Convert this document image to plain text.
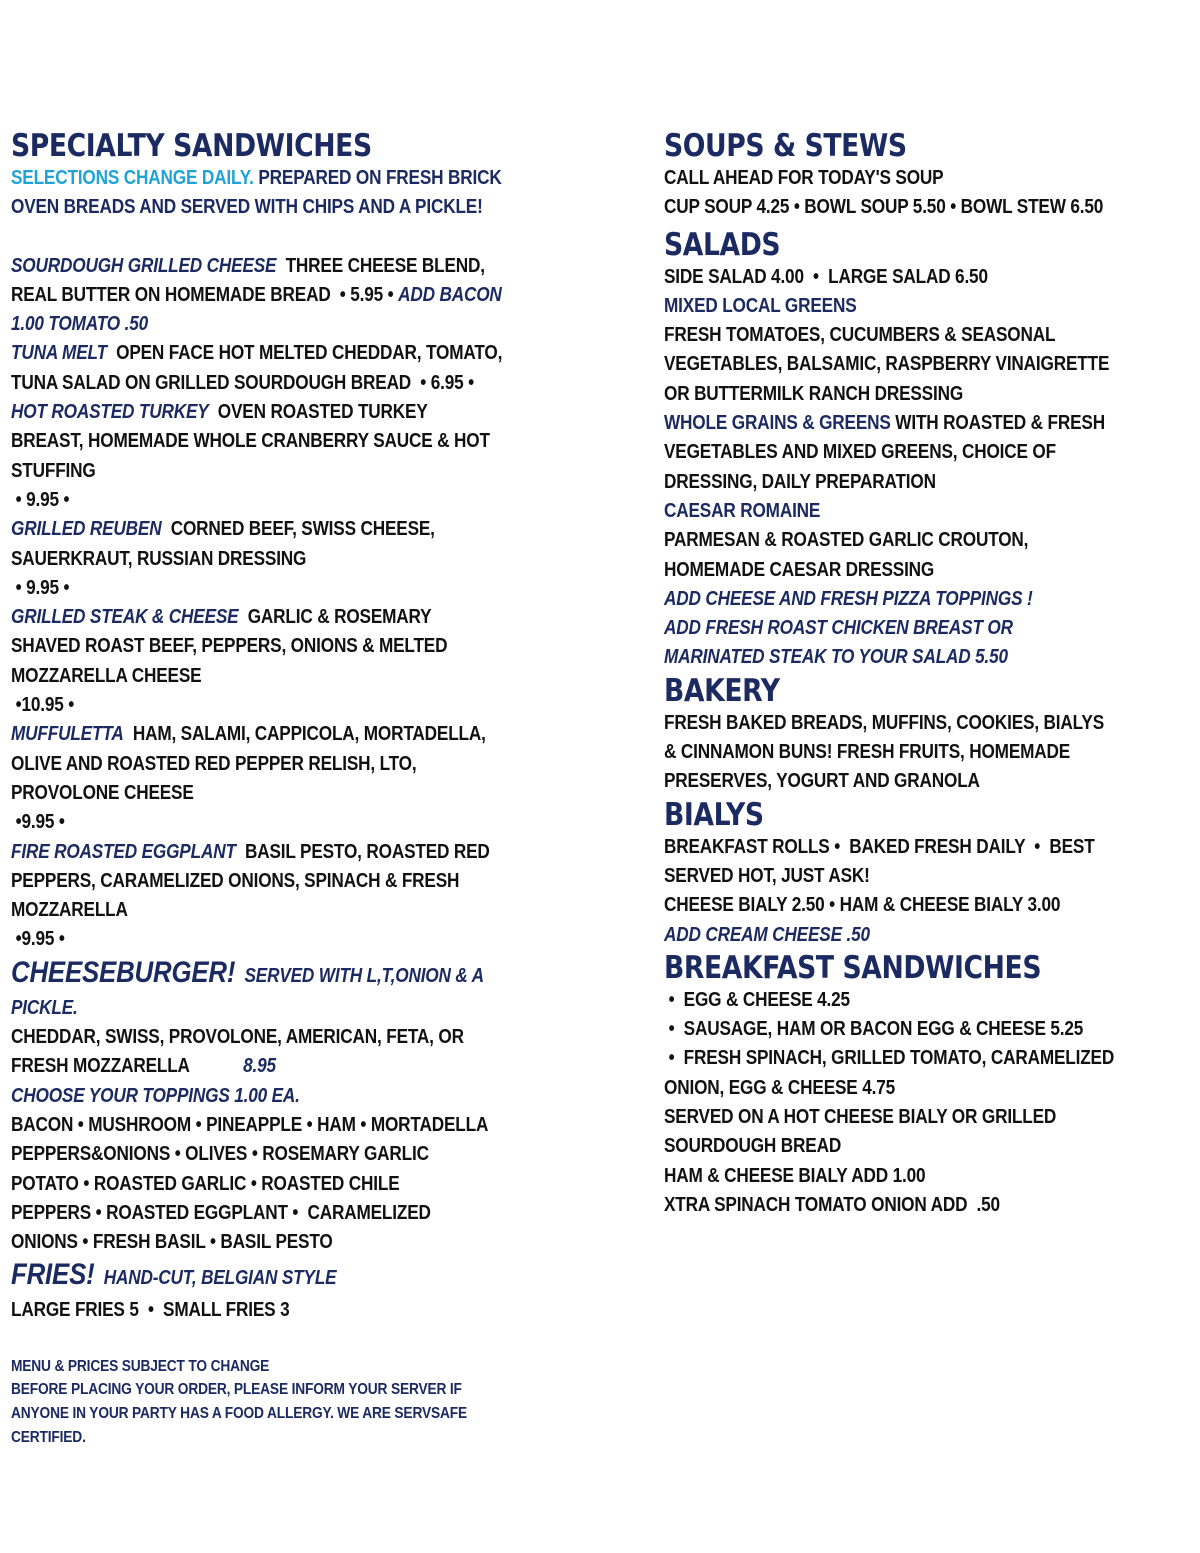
SPECIALTY SANDWICHES
SELECTIONS CHANGE DAILY. PREPARED ON FRESH BRICK
OVEN BREADS AND SERVED WITH CHIPS AND A PICKLE!
SOURDOUGH GRILLED CHEESE  THREE CHEESE BLEND,
REAL BUTTER ON HOMEMADE BREAD  • 5.95 • ADD BACON
1.00 TOMATO .50
TUNA MELT  OPEN FACE HOT MELTED CHEDDAR, TOMATO,
TUNA SALAD ON GRILLED SOURDOUGH BREAD  • 6.95 •
HOT ROASTED TURKEY  OVEN ROASTED TURKEY
BREAST, HOMEMADE WHOLE CRANBERRY SAUCE & HOT
STUFFING
• 9.95 •
GRILLED REUBEN  CORNED BEEF, SWISS CHEESE,
SAUERKRAUT, RUSSIAN DRESSING
• 9.95 •
GRILLED STEAK & CHEESE  GARLIC & ROSEMARY
SHAVED ROAST BEEF, PEPPERS, ONIONS & MELTED
MOZZARELLA CHEESE
•10.95 •
MUFFULETTA  HAM, SALAMI, CAPPICOLA, MORTADELLA,
OLIVE AND ROASTED RED PEPPER RELISH, LTO,
PROVOLONE CHEESE
•9.95 •
FIRE ROASTED EGGPLANT  BASIL PESTO, ROASTED RED
PEPPERS, CARAMELIZED ONIONS, SPINACH & FRESH
MOZZARELLA
•9.95 •
CHEESEBURGER!  SERVED WITH L,T,ONION & A
PICKLE.
CHEDDAR, SWISS, PROVOLONE, AMERICAN, FETA, OR
FRESH MOZZARELLA	8.95
CHOOSE YOUR TOPPINGS 1.00 EA.
BACON • MUSHROOM • PINEAPPLE • HAM • MORTADELLA
PEPPERS&ONIONS • OLIVES • ROSEMARY GARLIC
POTATO • ROASTED GARLIC • ROASTED CHILE
PEPPERS • ROASTED EGGPLANT •  CARAMELIZED
ONIONS • FRESH BASIL • BASIL PESTO
FRIES!  HAND-CUT, BELGIAN STYLE
LARGE FRIES 5  •  SMALL FRIES 3
MENU & PRICES SUBJECT TO CHANGE
BEFORE PLACING YOUR ORDER, PLEASE INFORM YOUR SERVER IF
ANYONE IN YOUR PARTY HAS A FOOD ALLERGY. WE ARE SERVSAFE
CERTIFIED.
SOUPS & STEWS
CALL AHEAD FOR TODAY'S SOUP
CUP SOUP 4.25 • BOWL SOUP 5.50 • BOWL STEW 6.50
SALADS
SIDE SALAD 4.00  •  LARGE SALAD 6.50
MIXED LOCAL GREENS
FRESH TOMATOES, CUCUMBERS & SEASONAL
VEGETABLES, BALSAMIC, RASPBERRY VINAIGRETTE
OR BUTTERMILK RANCH DRESSING
WHOLE GRAINS & GREENS WITH ROASTED & FRESH
VEGETABLES AND MIXED GREENS, CHOICE OF
DRESSING, DAILY PREPARATION
CAESAR ROMAINE
PARMESAN & ROASTED GARLIC CROUTON,
HOMEMADE CAESAR DRESSING
ADD CHEESE AND FRESH PIZZA TOPPINGS !
ADD FRESH ROAST CHICKEN BREAST OR
MARINATED STEAK TO YOUR SALAD 5.50
BAKERY
FRESH BAKED BREADS, MUFFINS, COOKIES, BIALYS
& CINNAMON BUNS! FRESH FRUITS, HOMEMADE
PRESERVES, YOGURT AND GRANOLA
BIALYS
BREAKFAST ROLLS •  BAKED FRESH DAILY  •  BEST
SERVED HOT, JUST ASK!
CHEESE BIALY 2.50 • HAM & CHEESE BIALY 3.00
ADD CREAM CHEESE .50
BREAKFAST SANDWICHES
•  EGG & CHEESE 4.25
•  SAUSAGE, HAM OR BACON EGG & CHEESE 5.25
•  FRESH SPINACH, GRILLED TOMATO, CARAMELIZED
ONION, EGG & CHEESE 4.75
SERVED ON A HOT CHEESE BIALY OR GRILLED
SOURDOUGH BREAD
HAM & CHEESE BIALY ADD 1.00
XTRA SPINACH TOMATO ONION ADD  .50
